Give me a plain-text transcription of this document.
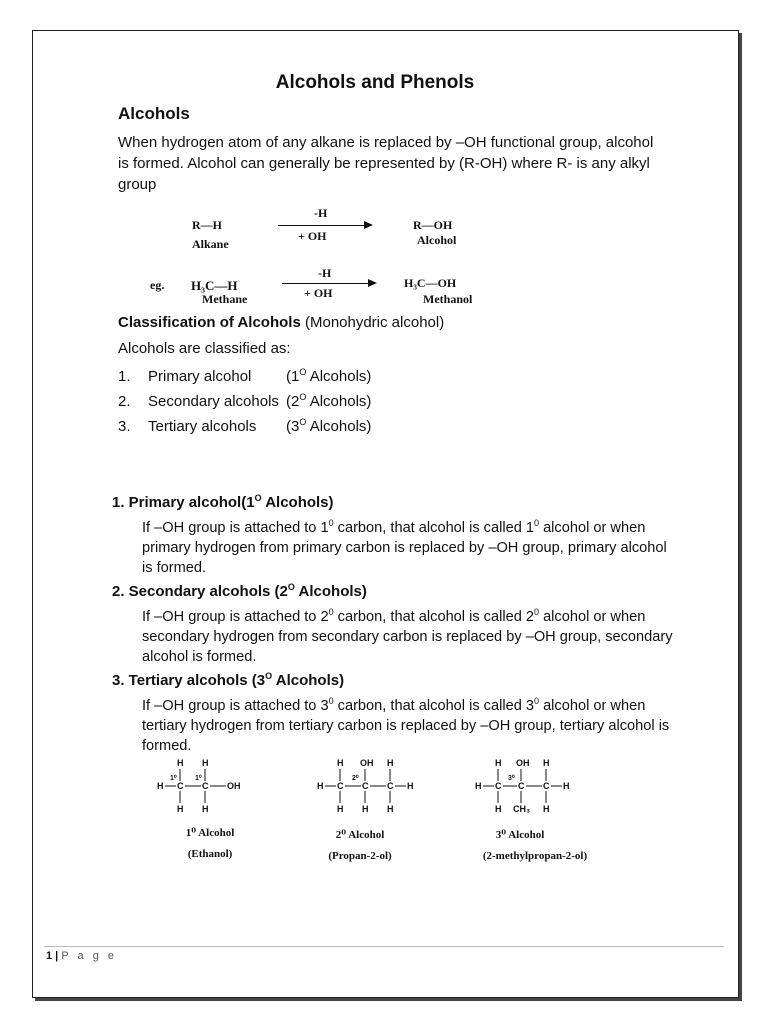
Alcohols and Phenols
Alcohols
When hydrogen atom of any alkane is replaced by –OH functional group, alcohol is formed. Alcohol can generally be represented by (R-OH) where R- is any alkyl group
R—H
Alkane
-H
+ OH
R—OH
Alcohol
eg. H₃C—H
Methane
-H
+ OH
H₃C—OH
Methanol
Classification of Alcohols (Monohydric alcohol)
Alcohols are classified as:
1.	Primary alcohol	($1^O$ Alcohols)
2.	Secondary alcohols ($2^O$ Alcohols)
3.	Tertiary alcohols	($3^O$ Alcohols)
1. Primary $alcohol(1^O$ Alcohols)
If –OH group is attached to $1^0$ carbon, that alcohol is called $1^0$ alcohol or when primary hydrogen from primary carbon is replaced by –OH group, primary alcohol is formed.
2. Secondary alcohols ($2^O$ Alcohols)
If –OH group is attached to $2^0$ carbon, that alcohol is called $2^0$ alcohol or when secondary hydrogen from secondary carbon is replaced by –OH group, secondary alcohol is formed.
3. Tertiary alcohols ($3^O$ Alcohols)
If –OH group is attached to $3^0$ carbon, that alcohol is called $3^0$ alcohol or when tertiary hydrogen from tertiary carbon is replaced by –OH group, tertiary alcohol is formed.
H H
1⁰	1⁰
H C C OH
H H
H OH H
2⁰
H C C C H
H H H
H OH H
3⁰
H C C C H
H CH₃ H
1⁰ Alcohol
(Ethanol)
2⁰ Alcohol
(Propan-2-ol)
3⁰ Alcohol
(2-methylpropan-2-ol)
1 | P a g e
